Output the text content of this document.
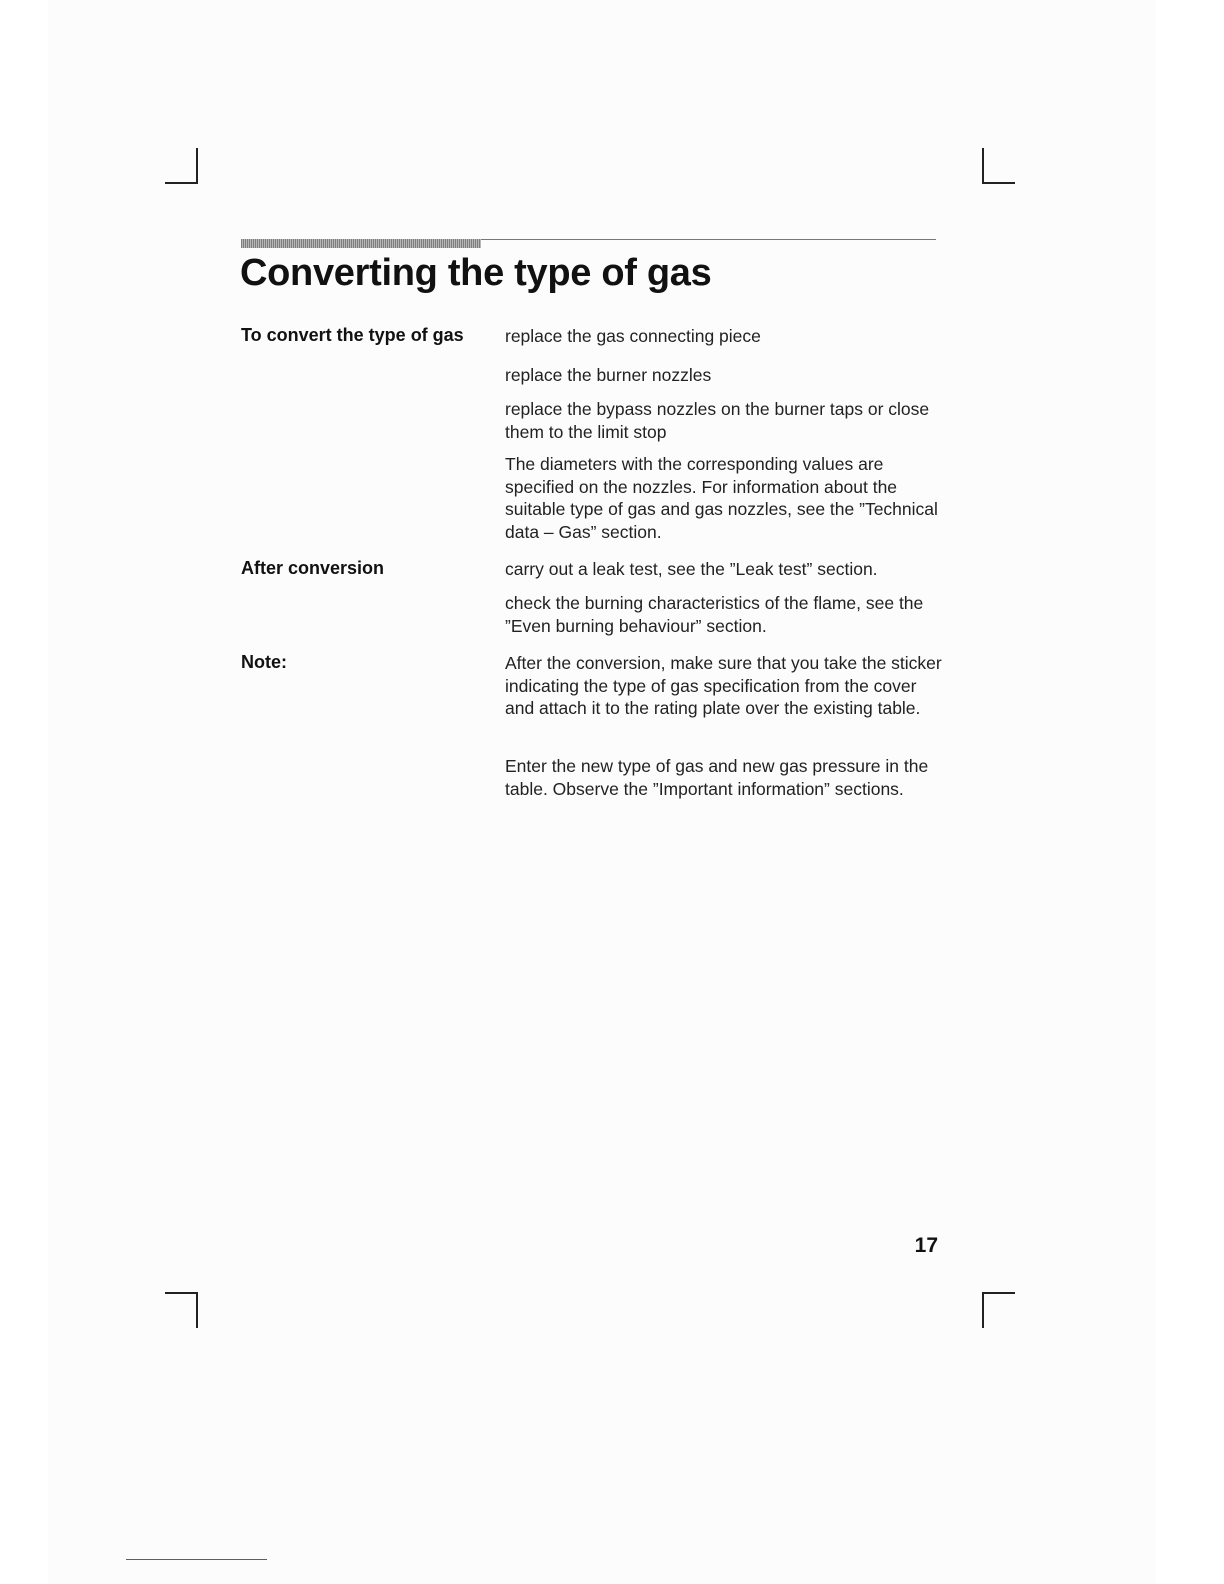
Converting the type of gas
To convert the type of gas replace the gas connecting piece

replace the burner nozzles

replace the bypass nozzles on the burner taps or close them to the limit stop

The diameters with the corresponding values are specified on the nozzles. For information about the suitable type of gas and gas nozzles, see the ”Technical data – Gas” section.

After conversion	carry out a leak test, see the ”Leak test” section.

check the burning characteristics of the flame, see the ”Even burning behaviour” section.

Note:	After the conversion, make sure that you take the sticker indicating the type of gas specification from the cover and attach it to the rating plate over the existing table.

Enter the new type of gas and new gas pressure in the table. Observe the ”Important information” sections.

17
